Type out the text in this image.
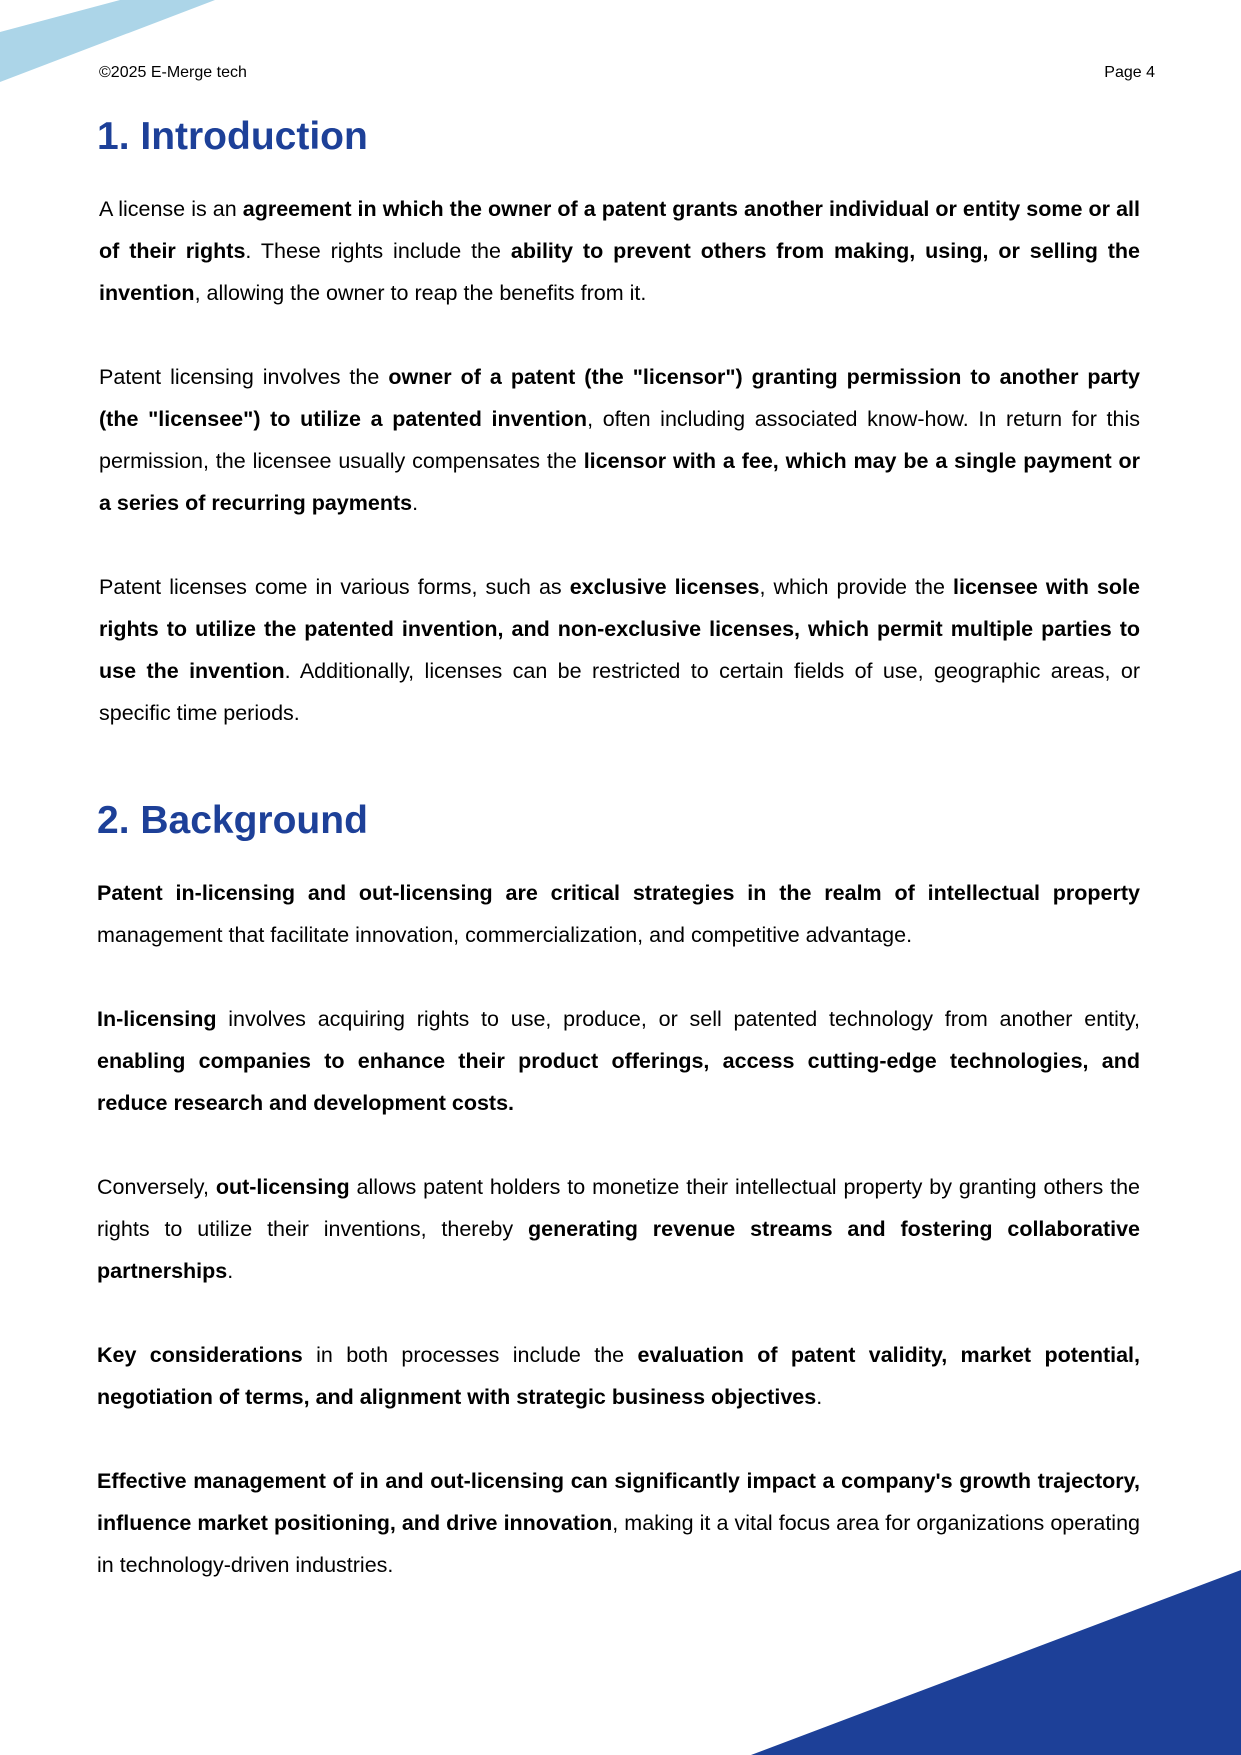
©2025 E-Merge tech	Page 4
1. Introduction

A license is an agreement in which the owner of a patent grants another individual or entity some or all of their rights. These rights include the ability to prevent others from making, using, or selling the invention, allowing the owner to reap the benefits from it.

Patent licensing involves the owner of a patent (the "licensor") granting permission to another party (the "licensee") to utilize a patented invention, often including associated know-how. In return for this permission, the licensee usually compensates the licensor with a fee, which may be a single payment or a series of recurring payments.

Patent licenses come in various forms, such as exclusive licenses, which provide the licensee with sole rights to utilize the patented invention, and non-exclusive licenses, which permit multiple parties to use the invention. Additionally, licenses can be restricted to certain fields of use, geographic areas, or specific time periods.

2. Background

Patent in-licensing and out-licensing are critical strategies in the realm of intellectual property management that facilitate innovation, commercialization, and competitive advantage.

In-licensing involves acquiring rights to use, produce, or sell patented technology from another entity, enabling companies to enhance their product offerings, access cutting-edge technologies, and reduce research and development costs.

Conversely, out-licensing allows patent holders to monetize their intellectual property by granting others the rights to utilize their inventions, thereby generating revenue streams and fostering collaborative partnerships.

Key considerations in both processes include the evaluation of patent validity, market potential, negotiation of terms, and alignment with strategic business objectives.

Effective management of in and out-licensing can significantly impact a company's growth trajectory, influence market positioning, and drive innovation, making it a vital focus area for organizations operating in technology-driven industries.
